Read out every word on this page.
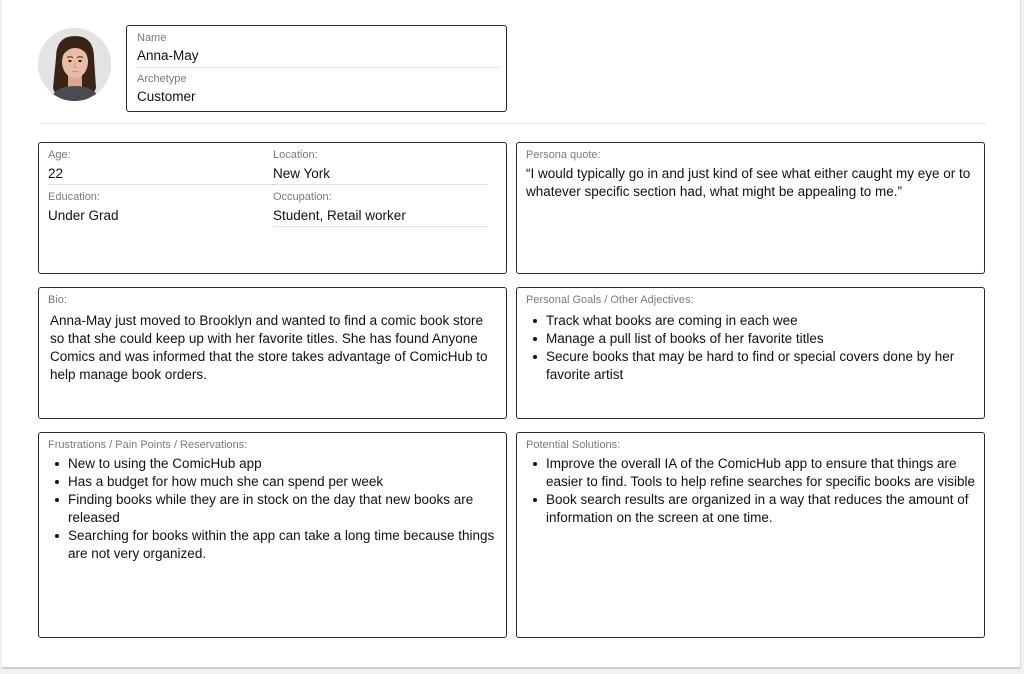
Name
Anna-May
Archetype
Customer
Age:
22
Location:
New York
Education:
Under Grad
Occupation:
Student, Retail worker
Persona quote:
“I would typically go in and just kind of see what either caught my eye or to whatever specific section had, what might be appealing to me.”
Bio:
Anna-May just moved to Brooklyn and wanted to find a comic book store so that she could keep up with her favorite titles. She has found Anyone Comics and was informed that the store takes advantage of ComicHub to help manage book orders.
Personal Goals / Other Adjectives:
Track what books are coming in each wee
Manage a pull list of books of her favorite titles
Secure books that may be hard to find or special covers done by her favorite artist
Frustrations / Pain Points / Reservations:
New to using the ComicHub app
Has a budget for how much she can spend per week
Finding books while they are in stock on the day that new books are released
Searching for books within the app can take a long time because things are not very organized.
Potential Solutions:
Improve the overall IA of the ComicHub app to ensure that things are easier to find. Tools to help refine searches for specific books are visible
Book search results are organized in a way that reduces the amount of information on the screen at one time.
